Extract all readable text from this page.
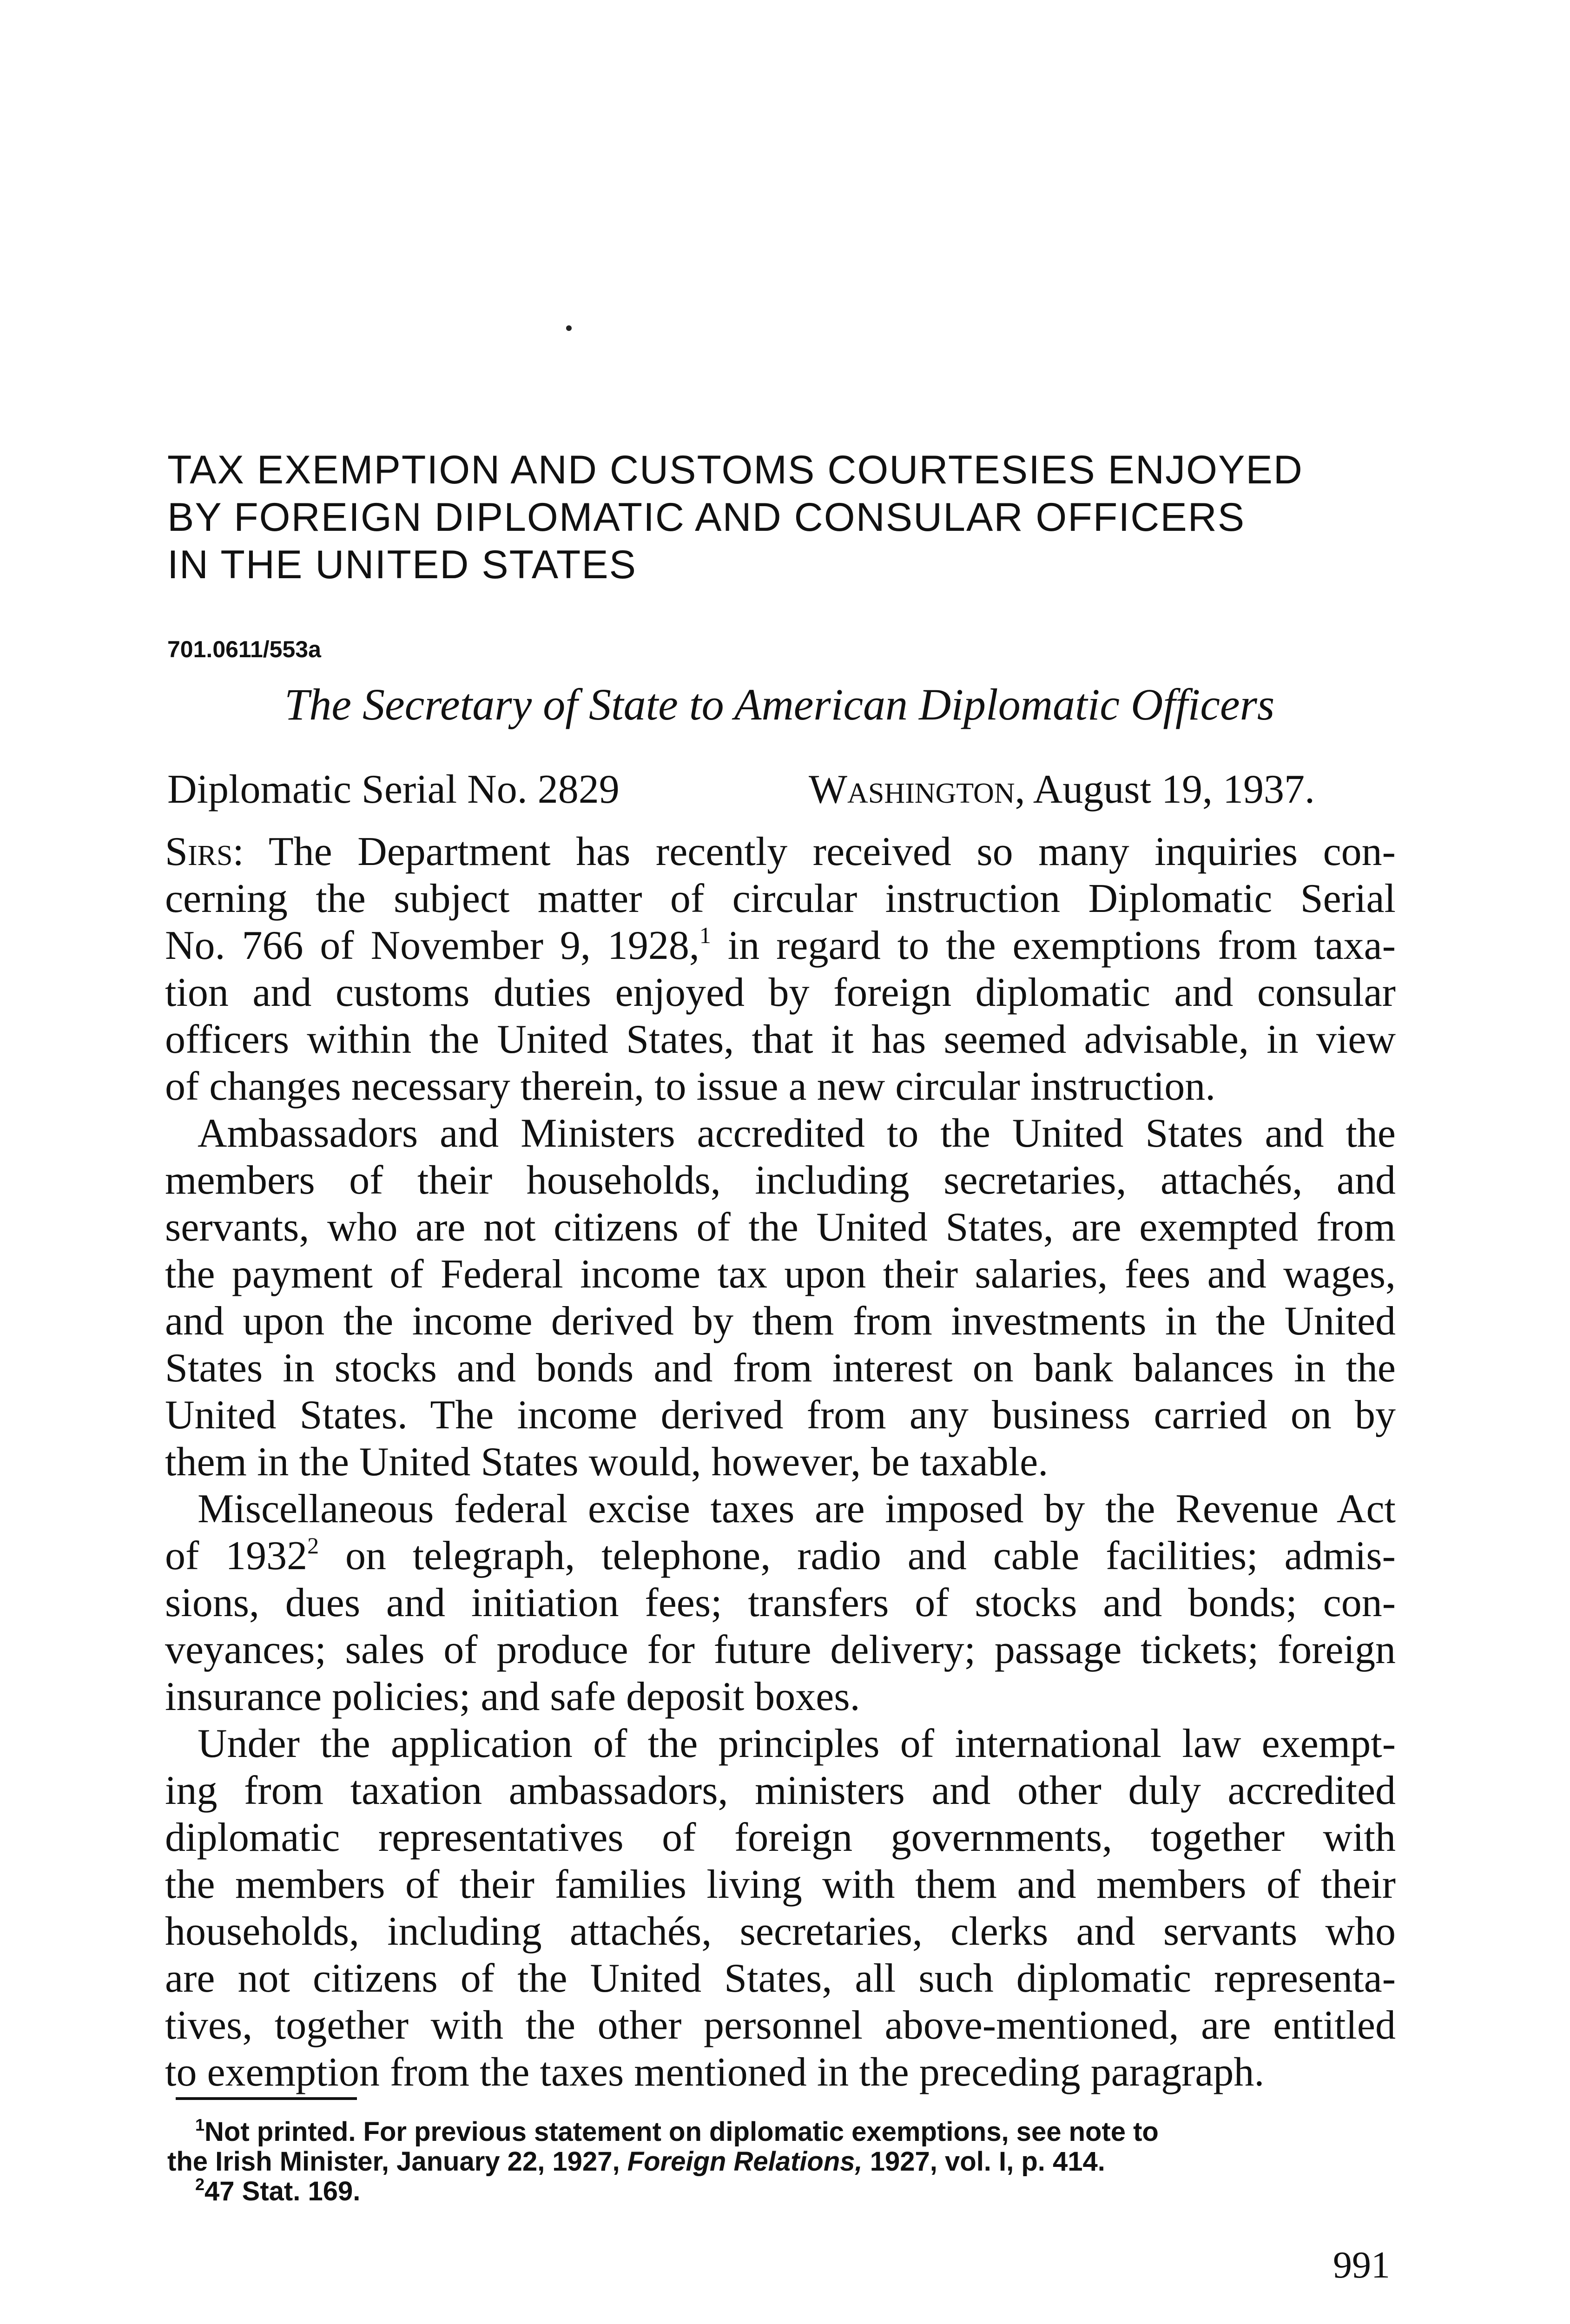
TAX EXEMPTION AND CUSTOMS COURTESIES ENJOYED
BY FOREIGN DIPLOMATIC AND CONSULAR OFFICERS
IN THE UNITED STATES
701.0611/553a
The Secretary of State to American Diplomatic Officers
Diplomatic Serial No. 2829	Washington, August 19, 1937.
Sirs: The Department has recently received so many inquiries con-
cerning the subject matter of circular instruction Diplomatic Serial
No. 766 of November 9, 1928,$^1$ in regard to the exemptions from taxa-
tion and customs duties enjoyed by foreign diplomatic and consular
officers within the United States, that it has seemed advisable, in view
of changes necessary therein, to issue a new circular instruction.
Ambassadors and Ministers accredited to the United States and the
members of their households, including secretaries, attachés, and
servants, who are not citizens of the United States, are exempted from
the payment of Federal income tax upon their salaries, fees and wages,
and upon the income derived by them from investments in the United
States in stocks and bonds and from interest on bank balances in the
United States. The income derived from any business carried on by
them in the United States would, however, be taxable.
Miscellaneous federal excise taxes are imposed by the Revenue Act
of 1932$^2$ on telegraph, telephone, radio and cable facilities; admis-
sions, dues and initiation fees; transfers of stocks and bonds; con-
veyances; sales of produce for future delivery; passage tickets; foreign
insurance policies; and safe deposit boxes.
Under the application of the principles of international law exempt-
ing from taxation ambassadors, ministers and other duly accredited
diplomatic representatives of foreign governments, together with
the members of their families living with them and members of their
households, including attachés, secretaries, clerks and servants who
are not citizens of the United States, all such diplomatic representa-
tives, together with the other personnel above-mentioned, are entitled
to exemption from the taxes mentioned in the preceding paragraph.
$^1$Not printed. For previous statement on diplomatic exemptions, see note to
the Irish Minister, January 22, 1927, Foreign Relations, 1927, vol. I, p. 414.
$^2$47 Stat. 169.
991
